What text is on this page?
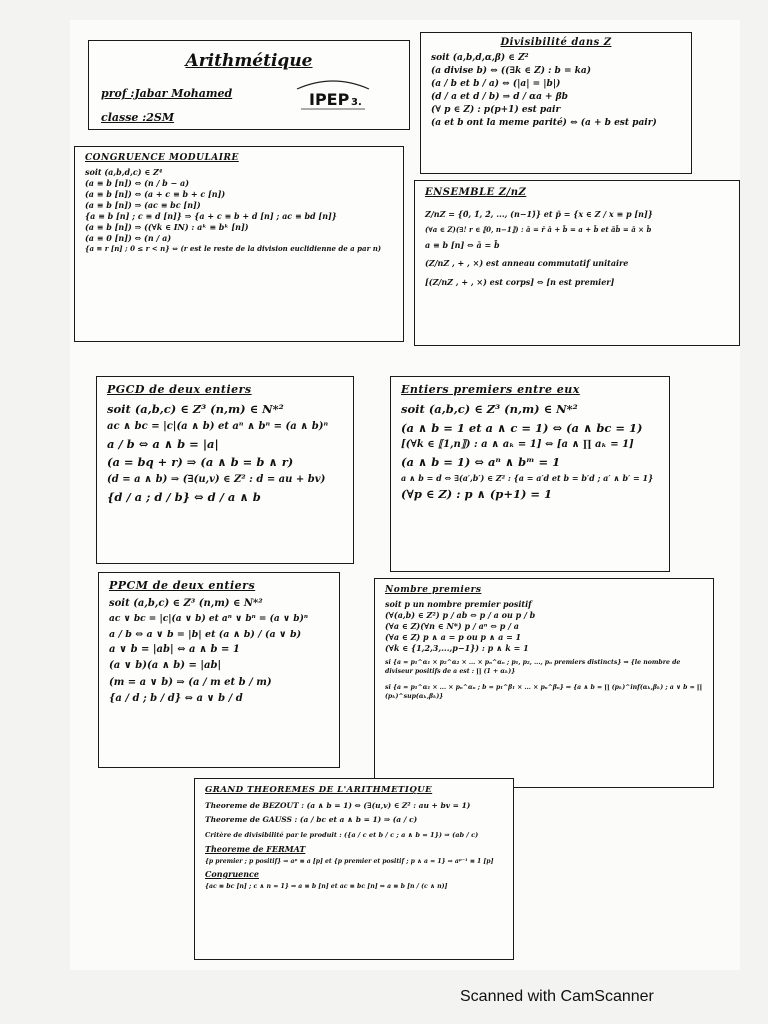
Arithmétique
prof :Jabar Mohamed
classe :2SM
IPEP 3.
Divisibilité dans Z
soit (a,b,d,α,β) ∈ Z²
(a divise b) ⇔ ((∃k ∈ Z) : b = ka)
(a / b et b / a) ⇔ (|a| = |b|)
(d / a et d / b) ⇒ d / αa + βb
(∀ p ∈ Z) : p(p+1) est pair
(a et b ont la meme parité) ⇔ (a + b est pair)
CONGRUENCE MODULAIRE
soit (a,b,d,c) ∈ Z⁴
(a ≡ b [n]) ⇔ (n / b − a)
(a ≡ b [n]) ⇔ (a + c ≡ b + c [n])
(a ≡ b [n]) ⇒ (ac ≡ bc [n])
{a ≡ b [n] ; c ≡ d [n]} ⇒ {a + c ≡ b + d [n] ; ac ≡ bd [n]}
(a ≡ b [n]) ⇒ ((∀k ∈ IN) : aᵏ ≡ bᵏ [n])
(a ≡ 0 [n]) ⇔ (n / a)
{a ≡ r [n] ; 0 ≤ r < n} ⇔ (r est le reste de la division euclidienne de a par n)
ENSEMBLE Z/nZ
Z/nZ = {0̄, 1̄, 2̄, ..., (n−1)̄} et p̄ = {x ∈ Z / x ≡ p [n]}
(∀a ∈ Z)(∃! r ∈ ⟦0, n−1⟧) : ā = r̄ ā + b̄ = a + b̄ et āb̄ = ā × b̄
a ≡ b [n] ⇔ ā = b̄
(Z/nZ , + , ×) est anneau commutatif unitaire
[(Z/nZ , + , ×) est corps] ⇔ [n est premier]
PGCD de deux entiers
soit (a,b,c) ∈ Z³ (n,m) ∈ N*²
ac ∧ bc = |c|(a ∧ b) et aⁿ ∧ bⁿ = (a ∧ b)ⁿ
a / b ⇔ a ∧ b = |a|
(a = bq + r) ⇒ (a ∧ b = b ∧ r)
(d = a ∧ b) ⇒ (∃(u,v) ∈ Z² : d = au + bv)
{d / a ; d / b} ⇔ d / a ∧ b
Entiers premiers entre eux
soit (a,b,c) ∈ Z³ (n,m) ∈ N*²
(a ∧ b = 1 et a ∧ c = 1) ⇔ (a ∧ bc = 1)
[(∀k ∈ ⟦1,n⟧) : a ∧ aₖ = 1] ⇔ [a ∧ ∏ aₖ = 1]
(a ∧ b = 1) ⇔ aⁿ ∧ bᵐ = 1
a ∧ b = d ⇔ ∃(a′,b′) ∈ Z² : {a = a′d et b = b′d ; a′ ∧ b′ = 1}
(∀p ∈ Z) : p ∧ (p+1) = 1
PPCM de deux entiers
soit (a,b,c) ∈ Z³ (n,m) ∈ N*²
ac ∨ bc = |c|(a ∨ b) et aⁿ ∨ bⁿ = (a ∨ b)ⁿ
a / b ⇔ a ∨ b = |b| et (a ∧ b) / (a ∨ b)
a ∨ b = |ab| ⇔ a ∧ b = 1
(a ∨ b)(a ∧ b) = |ab|
(m = a ∨ b) ⇒ (a / m et b / m)
{a / d ; b / d} ⇔ a ∨ b / d
Nombre premiers
soit p un nombre premier positif
(∀(a,b) ∈ Z²) p / ab ⇔ p / a ou p / b
(∀a ∈ Z)(∀n ∈ N*) p / aⁿ ⇔ p / a
(∀a ∈ Z) p ∧ a = p ou p ∧ a = 1
(∀k ∈ {1,2,3,...,p−1}) : p ∧ k = 1
si {a = p₁^α₁ × p₂^α₂ × ... × pₙ^αₙ ; p₁, p₂, ..., pₙ premiers distincts} ⇒ {le nombre de diviseur positifs de a est : ∏ (1 + αₖ)}
si {a = p₁^α₁ × ... × pₙ^αₙ ; b = p₁^β₁ × ... × pₙ^βₙ} ⇒ {a ∧ b = ∏ (pₖ)^inf(αₖ,βₖ) ; a ∨ b = ∏ (pₖ)^sup(αₖ,βₖ)}
GRAND THEOREMES DE L'ARITHMETIQUE
Theoreme de BEZOUT : (a ∧ b = 1) ⇔ (∃(u,v) ∈ Z² : au + bv = 1)
Theoreme de GAUSS : (a / bc et a ∧ b = 1) ⇒ (a / c)
Critère de divisibilité par le produit : ({a / c et b / c ; a ∧ b = 1}) ⇒ (ab / c)
Theoreme de FERMAT
{p premier ; p positif} ⇒ aᵖ ≡ a [p] et {p premier et positif ; p ∧ a = 1} ⇒ aᵖ⁻¹ ≡ 1 [p]
Congruence
{ac ≡ bc [n] ; c ∧ n = 1} ⇒ a ≡ b [n] et ac ≡ bc [n] ⇔ a ≡ b [n / (c ∧ n)]
Scanned with CamScanner
